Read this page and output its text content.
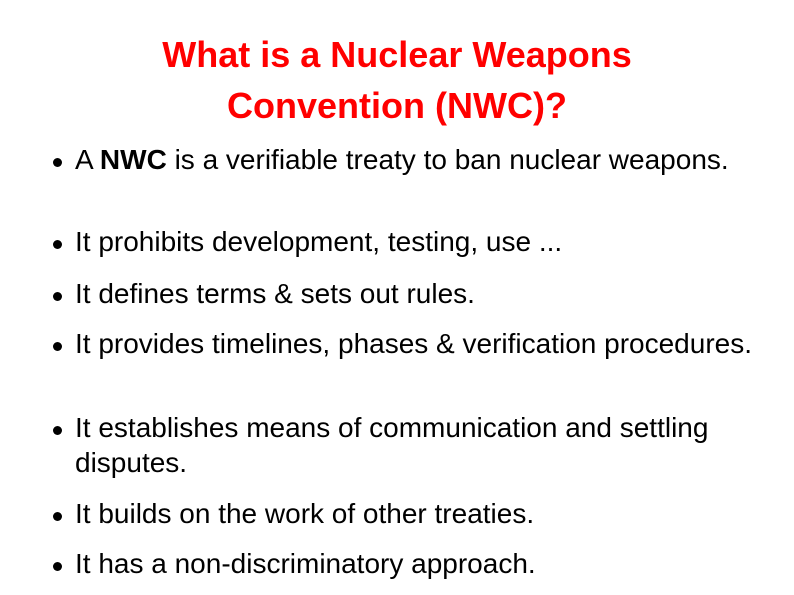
What is a Nuclear Weapons
Convention (NWC)?
A NWC is a verifiable treaty to ban nuclear weapons.
It prohibits development, testing, use ...
It defines terms & sets out rules.
It provides timelines, phases & verification procedures.
It establishes means of communication and settling disputes.
It builds on the work of other treaties.
It has a non-discriminatory approach.
